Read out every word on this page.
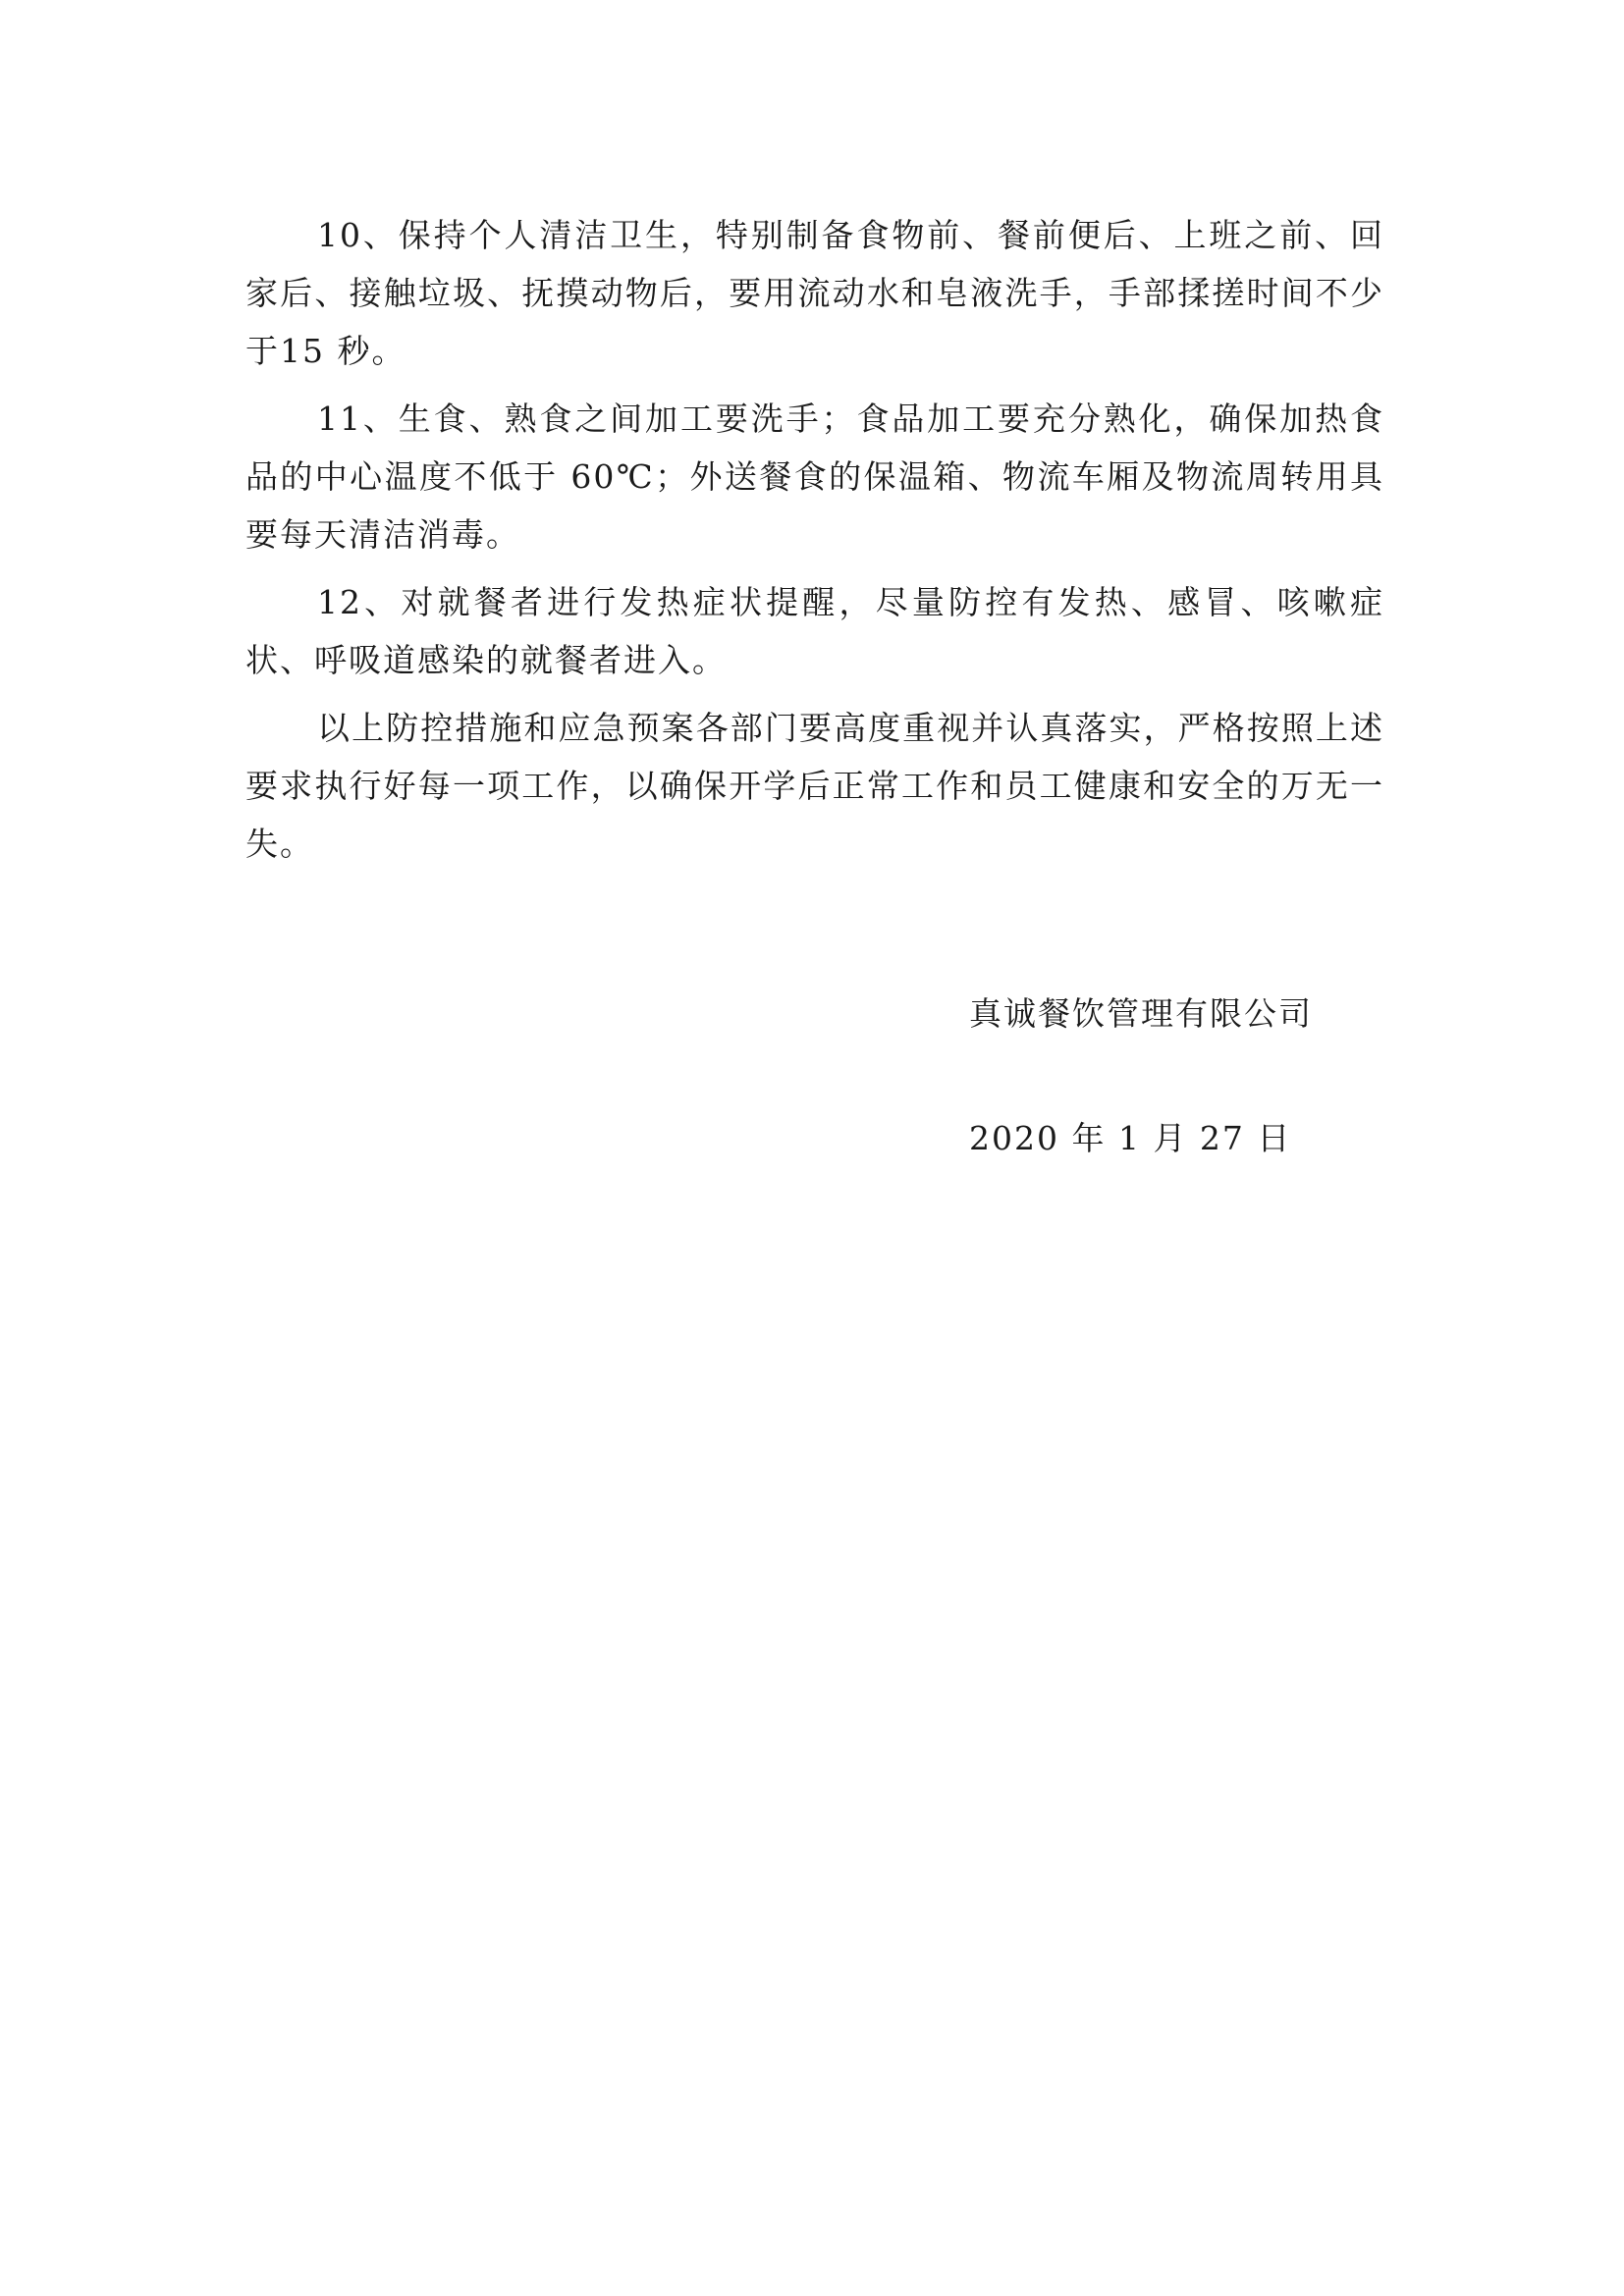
10、保持个人清洁卫生，特别制备食物前、餐前便后、上班之前、回家后、接触垃圾、抚摸动物后，要用流动水和皂液洗手，手部揉搓时间不少于15 秒。

11、生食、熟食之间加工要洗手；食品加工要充分熟化，确保加热食品的中心温度不低于 60℃；外送餐食的保温箱、物流车厢及物流周转用具要每天清洁消毒。

12、对就餐者进行发热症状提醒，尽量防控有发热、感冒、咳嗽症状、呼吸道感染的就餐者进入。

以上防控措施和应急预案各部门要高度重视并认真落实，严格按照上述要求执行好每一项工作，以确保开学后正常工作和员工健康和安全的万无一失。

真诚餐饮管理有限公司
2020 年 1 月 27 日
